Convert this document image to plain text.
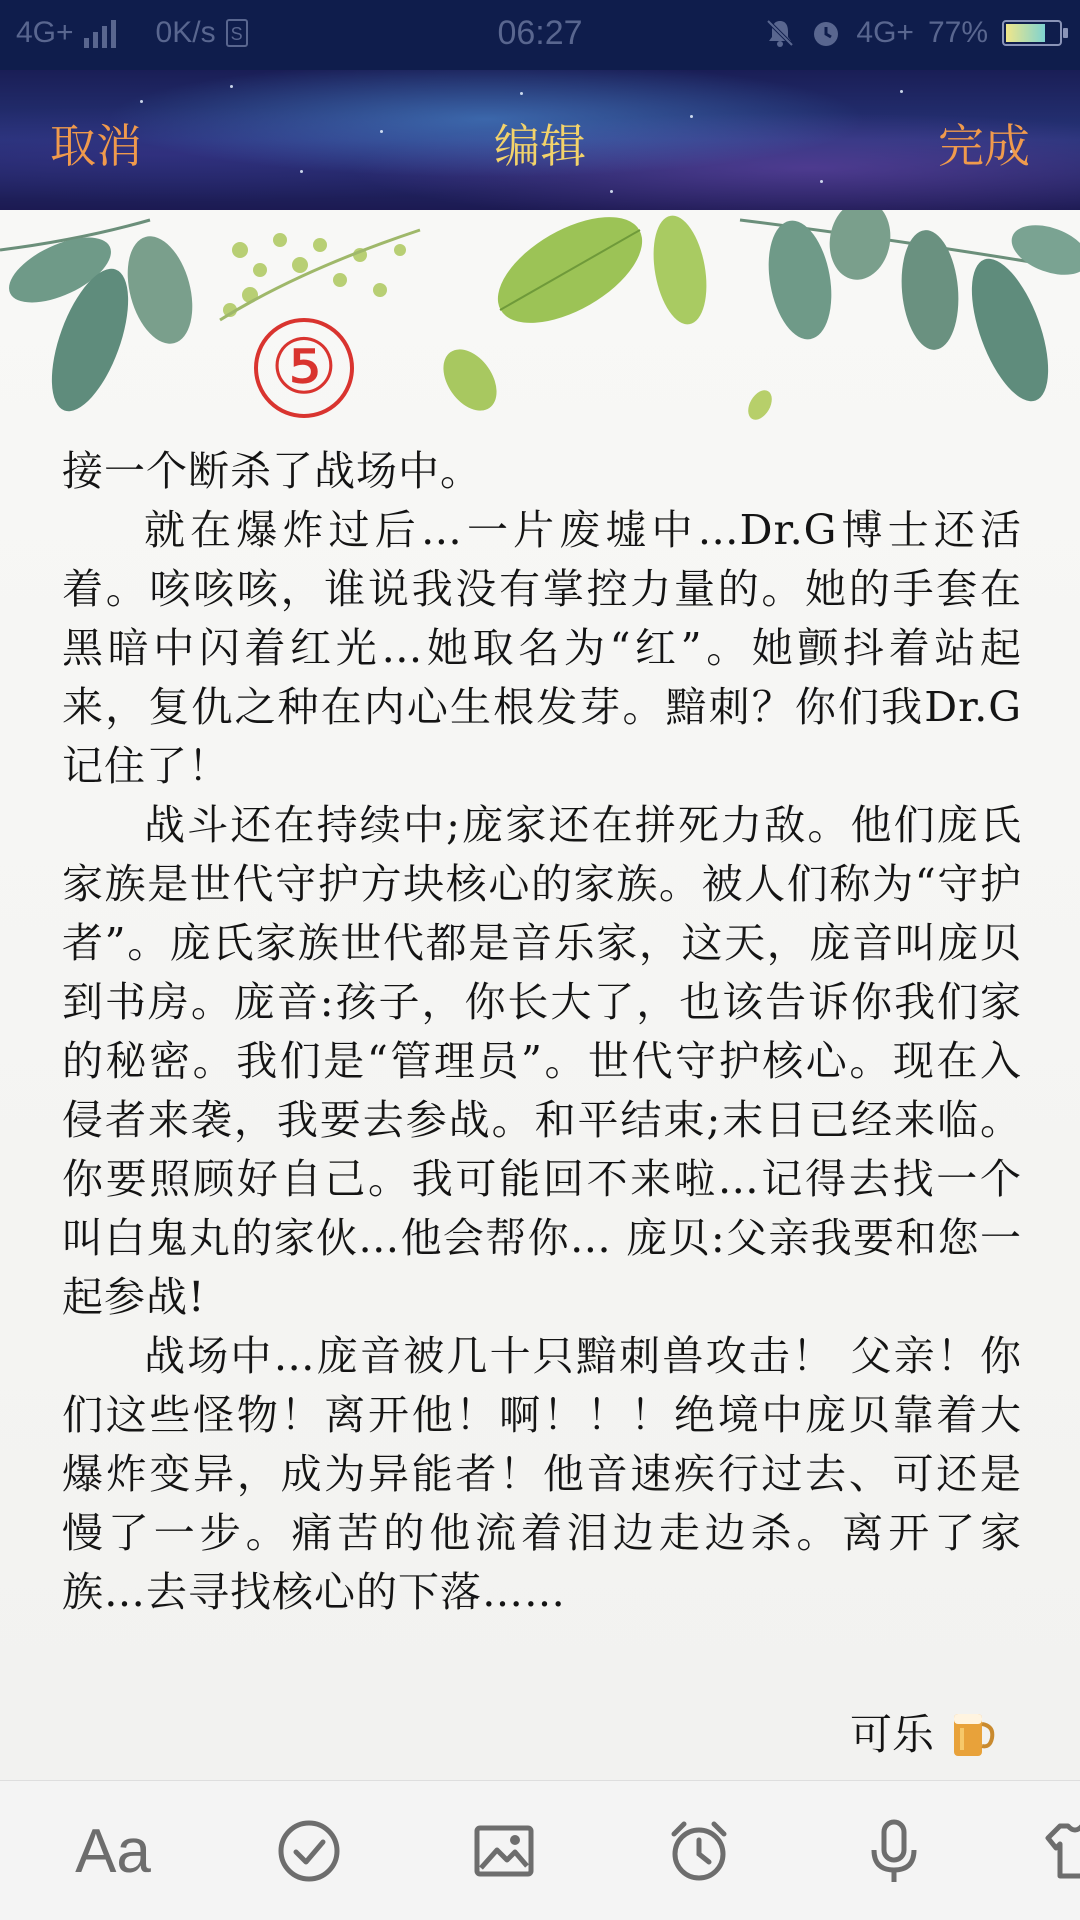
4G+	0K/s S	06:27	4G+ 77%
取消	编辑	完成
⑤

接一个断杀了战场中。

就在爆炸过后…一片废墟中…Dr.G博士还活着。咳咳咳，谁说我没有掌控力量的。她的手套在黑暗中闪着红光…她取名为“红”。她颤抖着站起来，复仇之种在内心生根发芽。黯刺？你们我Dr.G记住了！

战斗还在持续中;庞家还在拼死力敌。他们庞氏家族是世代守护方块核心的家族。被人们称为“守护者”。庞氏家族世代都是音乐家，这天，庞音叫庞贝到书房。庞音:孩子，你长大了，也该告诉你我们家的秘密。我们是“管理员”。世代守护核心。现在入侵者来袭，我要去参战。和平结束;末日已经来临。你要照顾好自己。我可能回不来啦…记得去找一个叫白鬼丸的家伙…他会帮你… 庞贝:父亲我要和您一起参战!

战场中…庞音被几十只黯刺兽攻击！ 父亲！你们这些怪物！离开他！啊！！！绝境中庞贝靠着大爆炸变异，成为异能者！他音速疾行过去、可还是慢了一步。痛苦的他流着泪边走边杀。离开了家族…去寻找核心的下落……

可乐
Aa
